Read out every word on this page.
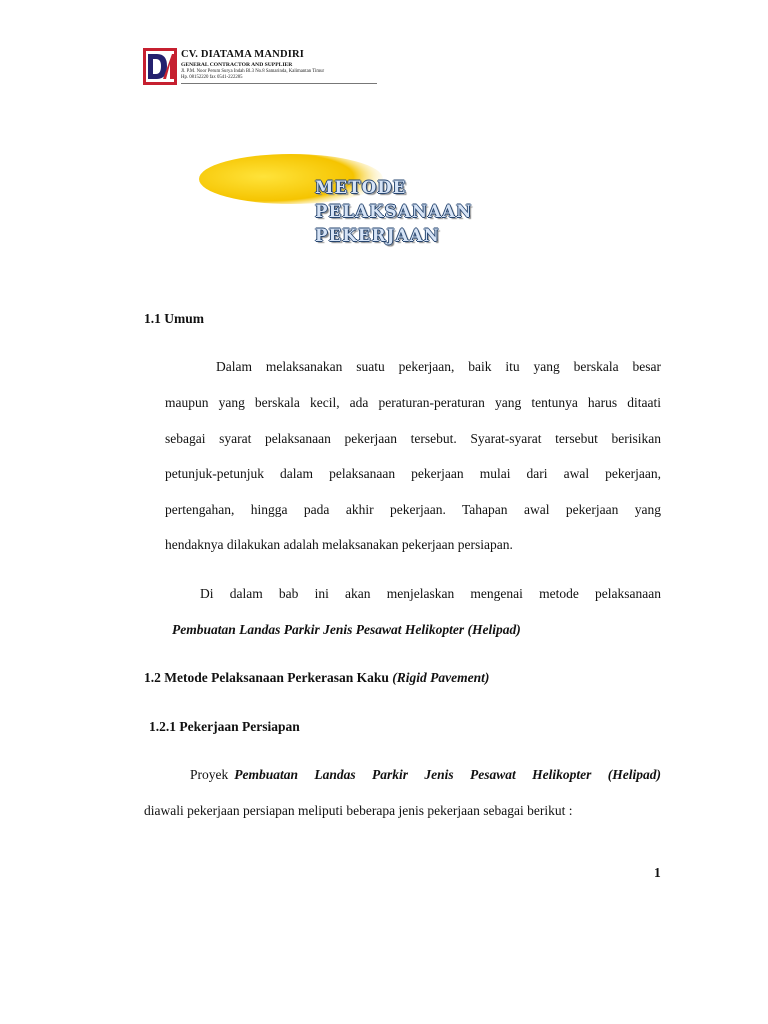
CV. DIATAMA MANDIRI
GENERAL CONTRACTOR AND SUPPLIER
Jl. P.M. Noor Perum Surya Indah Bl.3 No.8 Samarinda, Kalimantan Timur
Hp. 08152220 fax 0541-222285
METODE
PELAKSANAAN
PEKERJAAN
1.1 Umum
Dalam melaksanakan suatu pekerjaan, baik itu yang berskala besar
maupun yang berskala kecil, ada peraturan-peraturan yang tentunya harus ditaati
sebagai syarat pelaksanaan pekerjaan tersebut. Syarat-syarat tersebut berisikan
petunjuk-petunjuk dalam pelaksanaan pekerjaan mulai dari awal pekerjaan,
pertengahan, hingga pada akhir pekerjaan. Tahapan awal pekerjaan yang
hendaknya dilakukan adalah melaksanakan pekerjaan persiapan.
Di dalam bab ini akan menjelaskan mengenai metode pelaksanaan
Pembuatan Landas Parkir Jenis Pesawat Helikopter (Helipad)
1.2 Metode Pelaksanaan Perkerasan Kaku (Rigid Pavement)
1.2.1 Pekerjaan Persiapan
Proyek Pembuatan Landas Parkir Jenis Pesawat Helikopter (Helipad)
diawali pekerjaan persiapan meliputi beberapa jenis pekerjaan sebagai berikut :
1
